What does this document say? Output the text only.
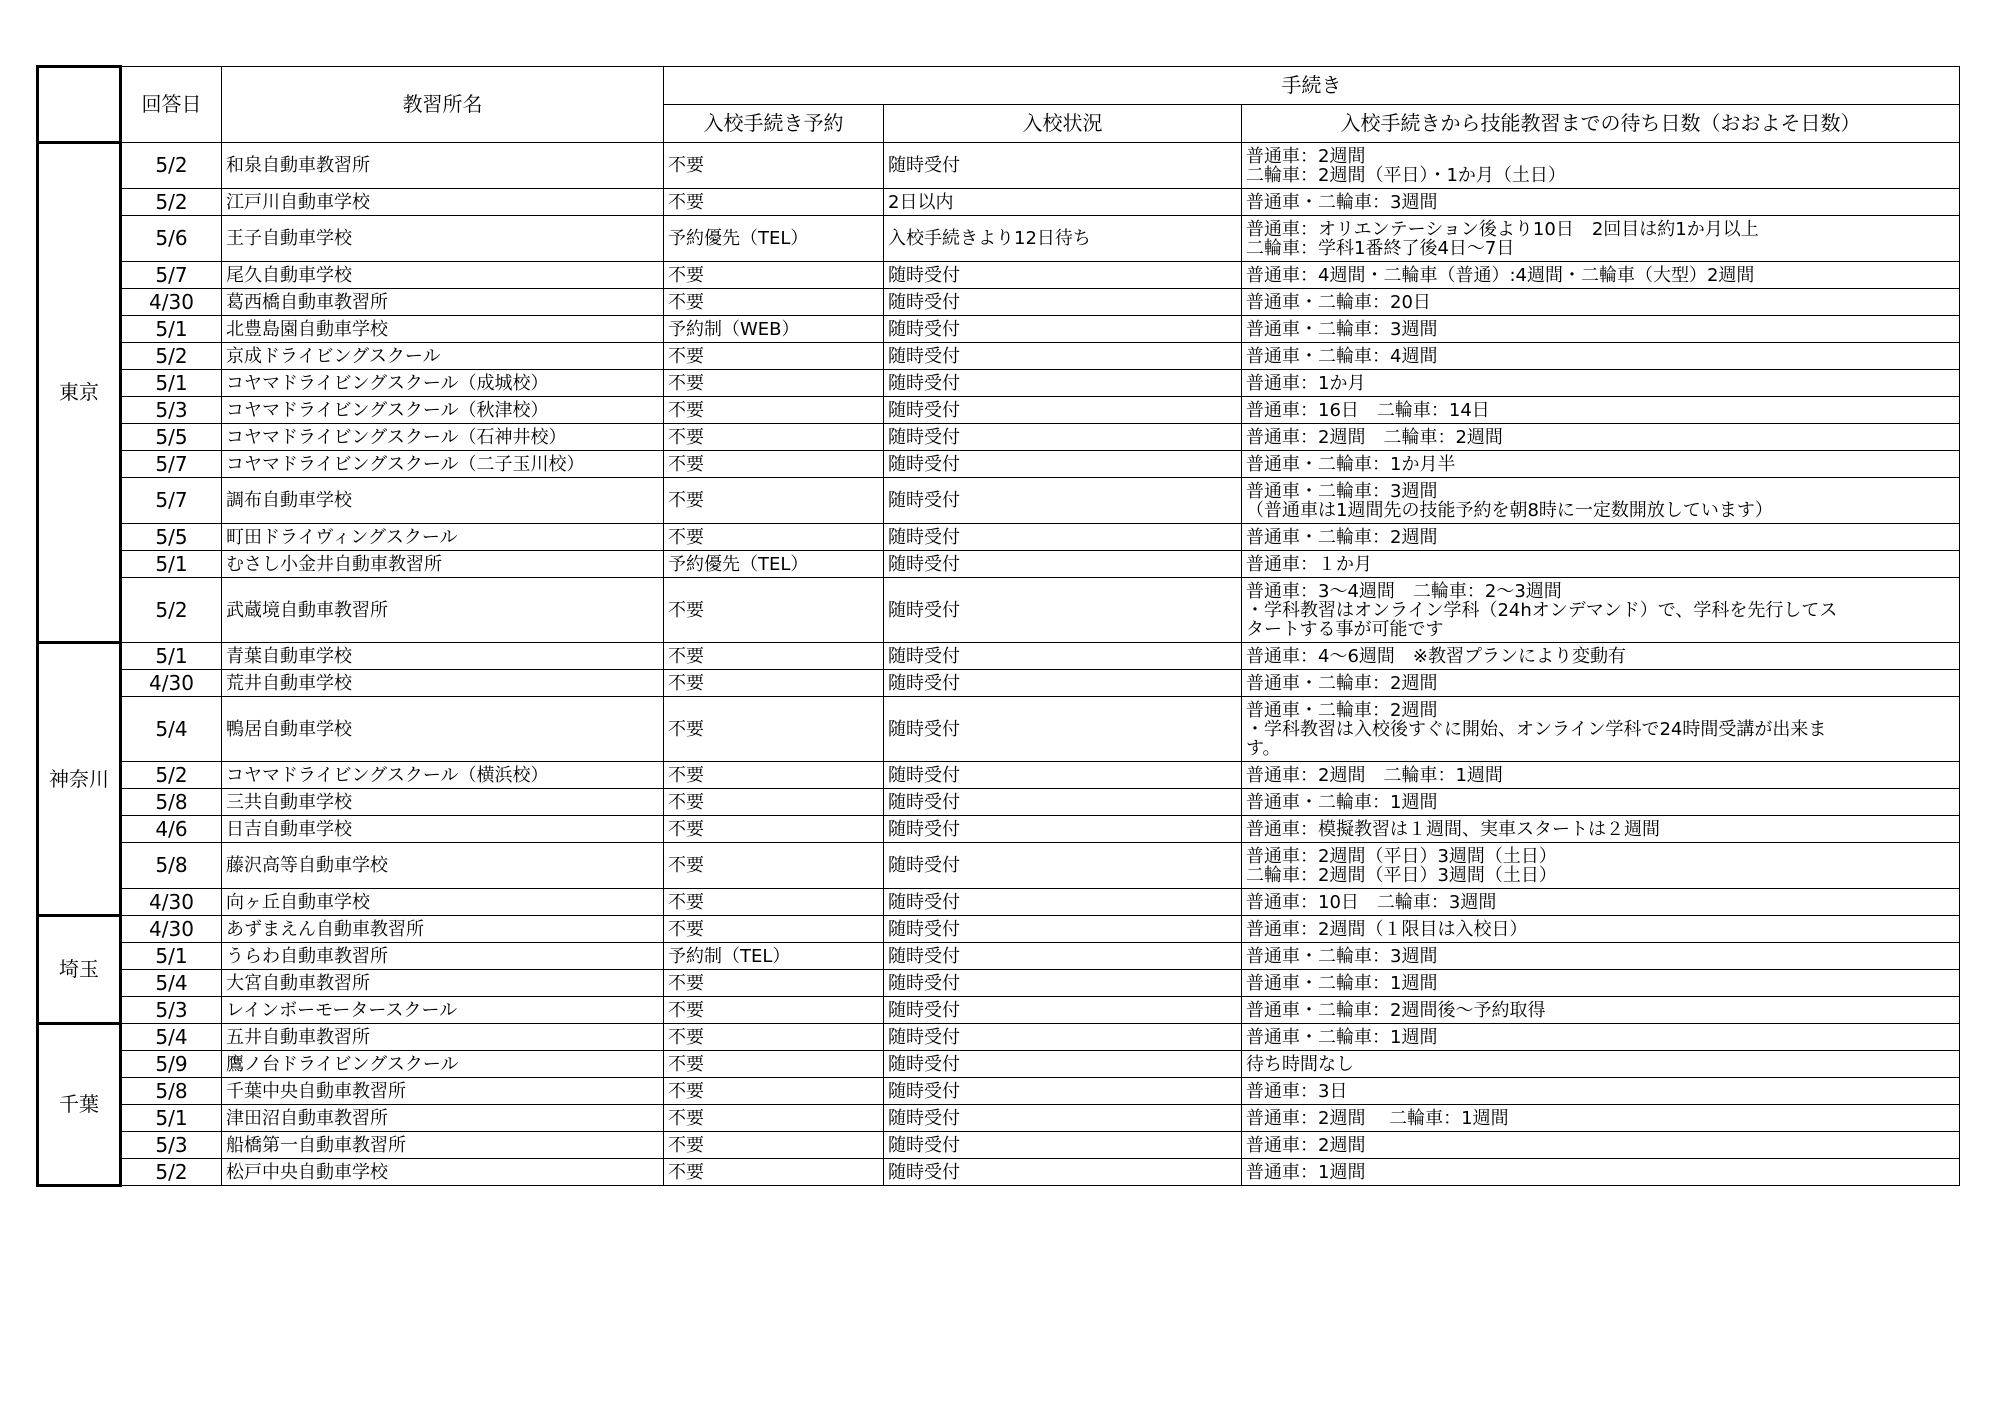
	回答日	教習所名	手続き		
			入校手続き予約	入校状況	入校手続きから技能教習までの待ち日数（おおよそ日数）
東京	5/2	和泉自動車教習所	不要	随時受付	普通車：2週間
二輪車：2週間（平日）・1か月（土日）

	5/2	江戸川自動車学校	不要	2日以内	普通車・二輪車：3週間

	5/6	王子自動車学校	予約優先（TEL）	入校手続きより12日待ち	普通車：オリエンテーション後より10日　2回目は約1か月以上
二輪車：学科1番終了後4日～7日

	5/7	尾久自動車学校	不要	随時受付	普通車：4週間・二輪車（普通）:4週間・二輪車（大型）2週間

	4/30	葛西橋自動車教習所	不要	随時受付	普通車・二輪車：20日

	5/1	北豊島園自動車学校	予約制（WEB）	随時受付	普通車・二輪車：3週間

	5/2	京成ドライビングスクール	不要	随時受付	普通車・二輪車：4週間

	5/1	コヤマドライビングスクール（成城校）	不要	随時受付	普通車：1か月

	5/3	コヤマドライビングスクール（秋津校）	不要	随時受付	普通車：16日　二輪車：14日

	5/5	コヤマドライビングスクール（石神井校）	不要	随時受付	普通車：2週間　二輪車：2週間

	5/7	コヤマドライビングスクール（二子玉川校）	不要	随時受付	普通車・二輪車：1か月半

	5/7	調布自動車学校	不要	随時受付	普通車・二輪車：3週間
（普通車は1週間先の技能予約を朝8時に一定数開放しています）

	5/5	町田ドライヴィングスクール	不要	随時受付	普通車・二輪車：2週間

	5/1	むさし小金井自動車教習所	予約優先（TEL）	随時受付	普通車：１か月

	5/2	武蔵境自動車教習所	不要	随時受付	普通車：3～4週間　二輪車：2～3週間
・学科教習はオンライン学科（24hオンデマンド）で、学科を先行してス
タートする事が可能です

神奈川	5/1	青葉自動車学校	不要	随時受付	普通車：4～6週間　※教習プランにより変動有

	4/30	荒井自動車学校	不要	随時受付	普通車・二輪車：2週間

	5/4	鴨居自動車学校	不要	随時受付	普通車・二輪車：2週間
・学科教習は入校後すぐに開始、オンライン学科で24時間受講が出来ま
す。

	5/2	コヤマドライビングスクール（横浜校）	不要	随時受付	普通車：2週間　二輪車：1週間

	5/8	三共自動車学校	不要	随時受付	普通車・二輪車：1週間

	4/6	日吉自動車学校	不要	随時受付	普通車：模擬教習は１週間、実車スタートは２週間

	5/8	藤沢高等自動車学校	不要	随時受付	普通車：2週間（平日）3週間（土日）
二輪車：2週間（平日）3週間（土日）

	4/30	向ヶ丘自動車学校	不要	随時受付	普通車：10日　二輪車：3週間

埼玉	4/30	あずまえん自動車教習所	不要	随時受付	普通車：2週間（１限目は入校日）

	5/1	うらわ自動車教習所	予約制（TEL）	随時受付	普通車・二輪車：3週間

	5/4	大宮自動車教習所	不要	随時受付	普通車・二輪車：1週間

	5/3	レインボーモータースクール	不要	随時受付	普通車・二輪車：2週間後～予約取得

千葉	5/4	五井自動車教習所	不要	随時受付	普通車・二輪車：1週間

	5/9	鷹ノ台ドライビングスクール	不要	随時受付	待ち時間なし

	5/8	千葉中央自動車教習所	不要	随時受付	普通車：3日

	5/1	津田沼自動車教習所	不要	随時受付	普通車：2週間　 二輪車：1週間

	5/3	船橋第一自動車教習所	不要	随時受付	普通車：2週間

	5/2	松戸中央自動車学校	不要	随時受付	普通車：1週間
